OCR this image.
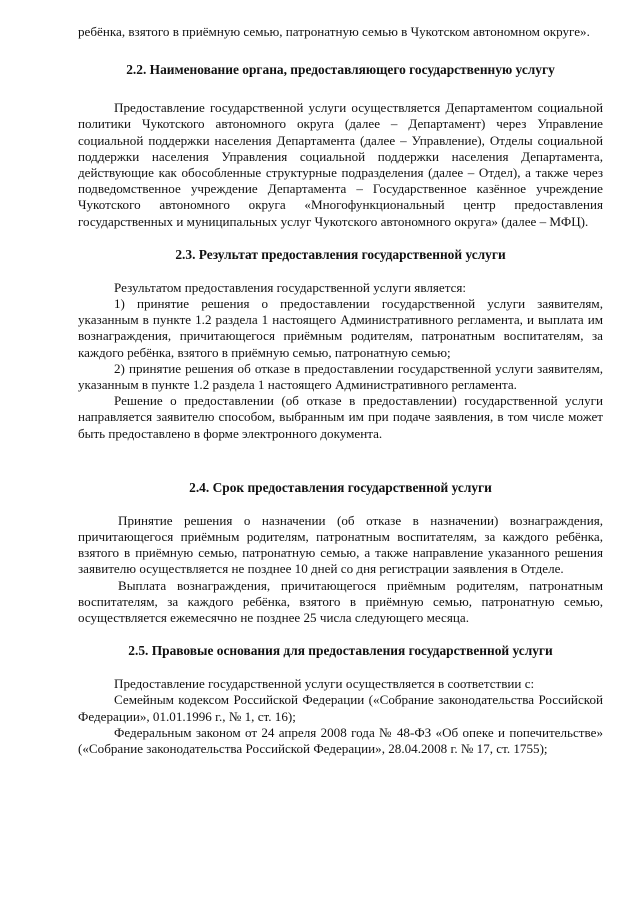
ребёнка, взятого в приёмную семью, патронатную семью в Чукотском автономном округе».

2.2. Наименование органа, предоставляющего государственную услугу

Предоставление государственной услуги осуществляется Департаментом социальной политики Чукотского автономного округа (далее – Департамент) через Управление социальной поддержки населения Департамента (далее – Управление), Отделы социальной поддержки населения Управления социальной поддержки населения Департамента, действующие как обособленные структурные подразделения (далее – Отдел), а также через подведомственное учреждение Департамента – Государственное казённое учреждение Чукотского автономного округа «Многофункциональный центр предоставления государственных и муниципальных услуг Чукотского автономного округа» (далее – МФЦ).

2.3. Результат предоставления государственной услуги

Результатом предоставления государственной услуги является:

1) принятие решения о предоставлении государственной услуги заявителям, указанным в пункте 1.2 раздела 1 настоящего Административного регламента, и выплата им вознаграждения, причитающегося приёмным родителям, патронатным воспитателям, за каждого ребёнка, взятого в приёмную семью, патронатную семью;

2) принятие решения об отказе в предоставлении государственной услуги заявителям, указанным в пункте 1.2 раздела 1 настоящего Административного регламента.

Решение о предоставлении (об отказе в предоставлении) государственной услуги направляется заявителю способом, выбранным им при подаче заявления, в том числе может быть предоставлено в форме электронного документа.

2.4. Срок предоставления государственной услуги

Принятие решения о назначении (об отказе в назначении) вознаграждения, причитающегося приёмным родителям, патронатным воспитателям, за каждого ребёнка, взятого в приёмную семью, патронатную семью, а также направление указанного решения заявителю осуществляется не позднее 10 дней со дня регистрации заявления в Отделе.

Выплата вознаграждения, причитающегося приёмным родителям, патронатным воспитателям, за каждого ребёнка, взятого в приёмную семью, патронатную семью, осуществляется ежемесячно не позднее 25 числа следующего месяца.

2.5. Правовые основания для предоставления государственной услуги

Предоставление государственной услуги осуществляется в соответствии с:

Семейным кодексом Российской Федерации («Собрание законодательства Российской Федерации», 01.01.1996 г., № 1, ст. 16);

Федеральным законом от 24 апреля 2008 года № 48-ФЗ «Об опеке и попечительстве» («Собрание законодательства Российской Федерации», 28.04.2008 г. № 17, ст. 1755);
